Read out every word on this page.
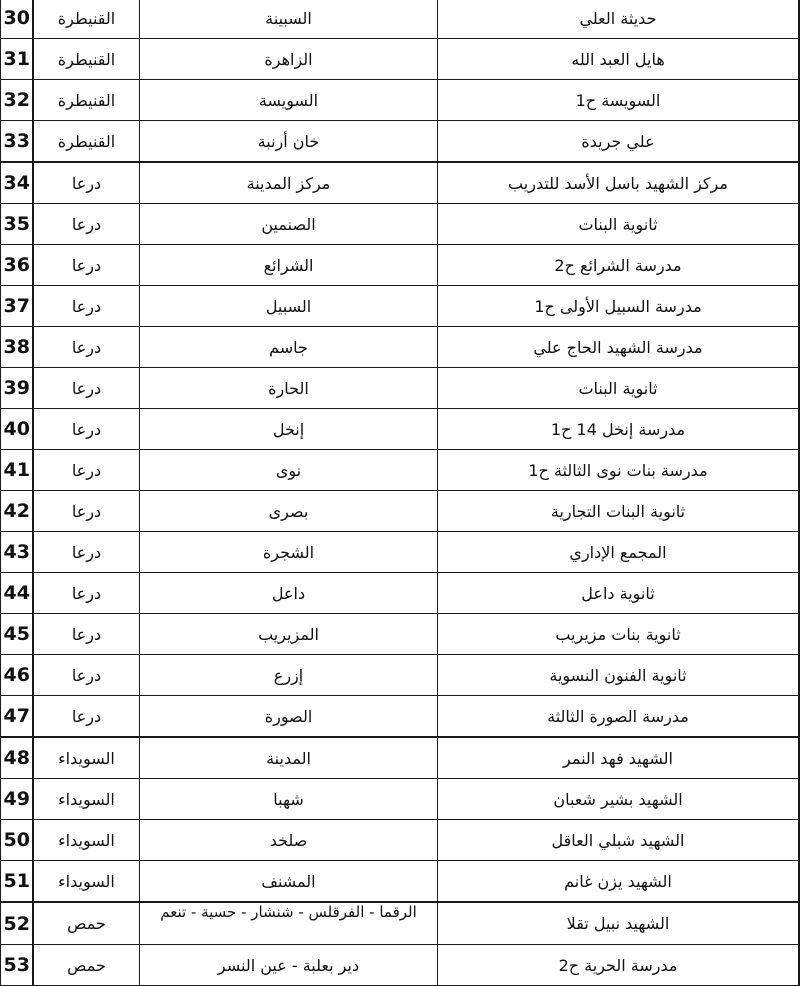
30	القنيطرة	السبينة	حديثة العلي	
31	القنيطرة	الزاهرة	هايل العبد الله	
32	القنيطرة	السويسة	السويسة ح1	
33	القنيطرة	خان أرنبة	علي جريدة	
34	درعا	مركز المدينة	مركز الشهيد باسل الأسد للتدريب	
35	درعا	الصنمين	ثانوية البنات	
36	درعا	الشرائع	مدرسة الشرائع ح2	
37	درعا	السبيل	مدرسة السبيل الأولى ح1	
38	درعا	جاسم	مدرسة الشهيد الحاج علي	
39	درعا	الحارة	ثانوية البنات	
40	درعا	إنخل	مدرسة إنخل 14 ح1	
41	درعا	نوى	مدرسة بنات نوى الثالثة ح1	
42	درعا	بصرى	ثانوية البنات التجارية	
43	درعا	الشجرة	المجمع الإداري	
44	درعا	داعل	ثانوية داعل	
45	درعا	المزيريب	ثانوية بنات مزيريب	
46	درعا	إزرع	ثانوية الفنون النسوية	
47	درعا	الصورة	مدرسة الصورة الثالثة	
48	السويداء	المدينة	الشهيد فهد النمر	
49	السويداء	شهبا	الشهيد بشير شعبان	
50	السويداء	صلخد	الشهيد شبلي العاقل	
51	السويداء	المشنف	الشهيد يزن غانم	
52	حمص	الرقما - الفرقلس - شنشار - حسية - تنعم	الشهيد نبيل تقلا	
53	حمص	دير بعلبة - عين النسر	مدرسة الحرية ح2	
